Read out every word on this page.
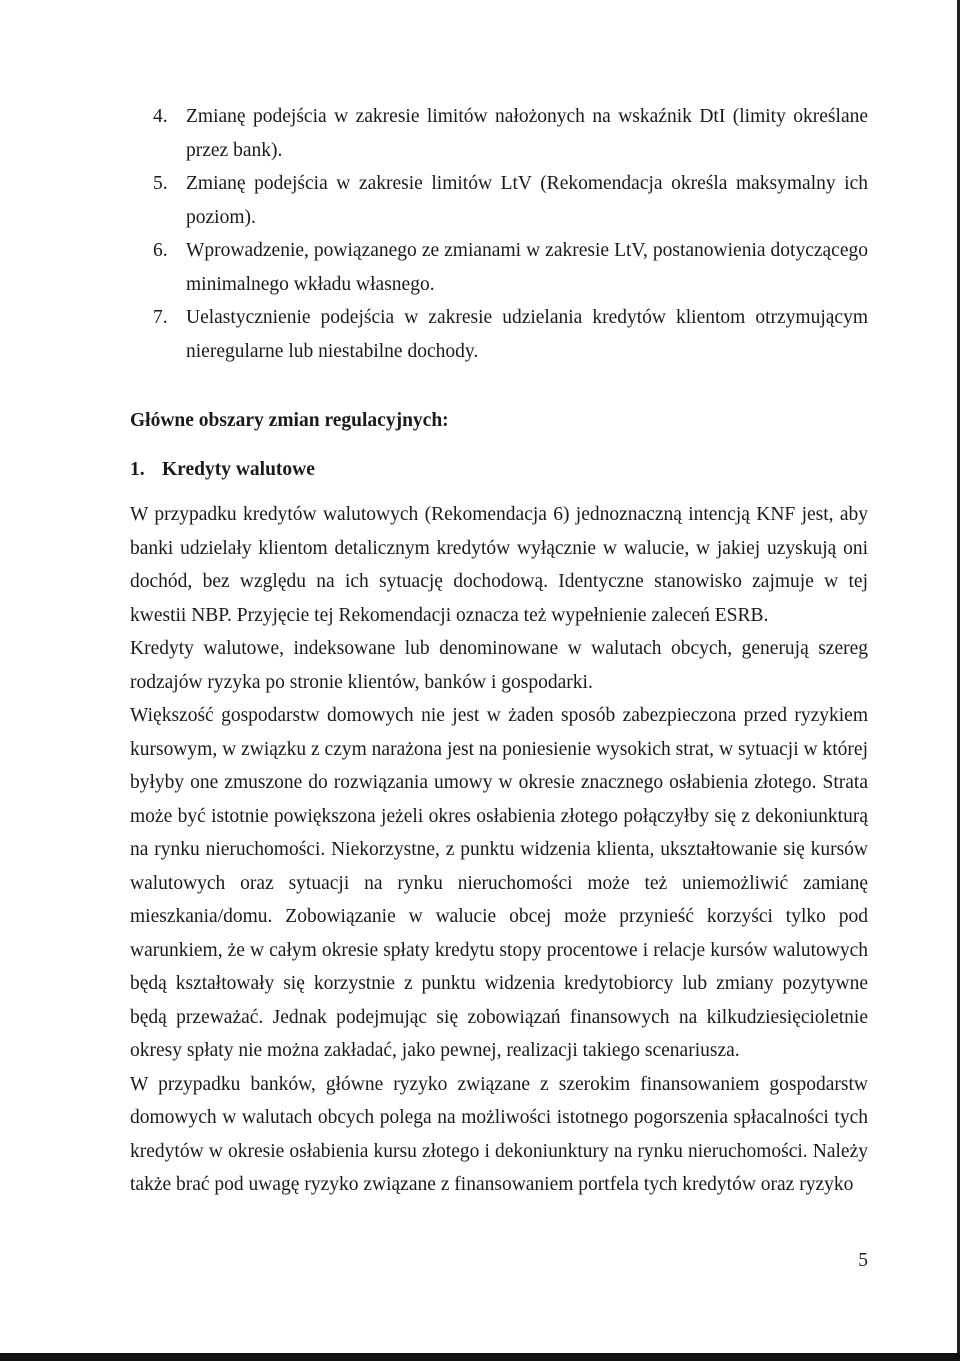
4. Zmianę podejścia w zakresie limitów nałożonych na wskaźnik DtI (limity określane przez bank).
5. Zmianę podejścia w zakresie limitów LtV (Rekomendacja określa maksymalny ich poziom).
6. Wprowadzenie, powiązanego ze zmianami w zakresie LtV, postanowienia dotyczącego minimalnego wkładu własnego.
7. Uelastycznienie podejścia w zakresie udzielania kredytów klientom otrzymującym nieregularne lub niestabilne dochody.
Główne obszary zmian regulacyjnych:
1. Kredyty walutowe

W przypadku kredytów walutowych (Rekomendacja 6) jednoznaczną intencją KNF jest, aby banki udzielały klientom detalicznym kredytów wyłącznie w walucie, w jakiej uzyskują oni dochód, bez względu na ich sytuację dochodową. Identyczne stanowisko zajmuje w tej kwestii NBP. Przyjęcie tej Rekomendacji oznacza też wypełnienie zaleceń ESRB.

Kredyty walutowe, indeksowane lub denominowane w walutach obcych, generują szereg rodzajów ryzyka po stronie klientów, banków i gospodarki.

Większość gospodarstw domowych nie jest w żaden sposób zabezpieczona przed ryzykiem kursowym, w związku z czym narażona jest na poniesienie wysokich strat, w sytuacji w której byłyby one zmuszone do rozwiązania umowy w okresie znacznego osłabienia złotego. Strata może być istotnie powiększona jeżeli okres osłabienia złotego połączyłby się z dekoniunkturą na rynku nieruchomości. Niekorzystne, z punktu widzenia klienta, ukształtowanie się kursów walutowych oraz sytuacji na rynku nieruchomości może też uniemożliwić zamianę mieszkania/domu. Zobowiązanie w walucie obcej może przynieść korzyści tylko pod warunkiem, że w całym okresie spłaty kredytu stopy procentowe i relacje kursów walutowych będą kształtowały się korzystnie z punktu widzenia kredytobiorcy lub zmiany pozytywne będą przeważać. Jednak podejmując się zobowiązań finansowych na kilkudziesięcioletnie okresy spłaty nie można zakładać, jako pewnej, realizacji takiego scenariusza.

W przypadku banków, główne ryzyko związane z szerokim finansowaniem gospodarstw domowych w walutach obcych polega na możliwości istotnego pogorszenia spłacalności tych kredytów w okresie osłabienia kursu złotego i dekoniunktury na rynku nieruchomości. Należy także brać pod uwagę ryzyko związane z finansowaniem portfela tych kredytów oraz ryzyko

5
